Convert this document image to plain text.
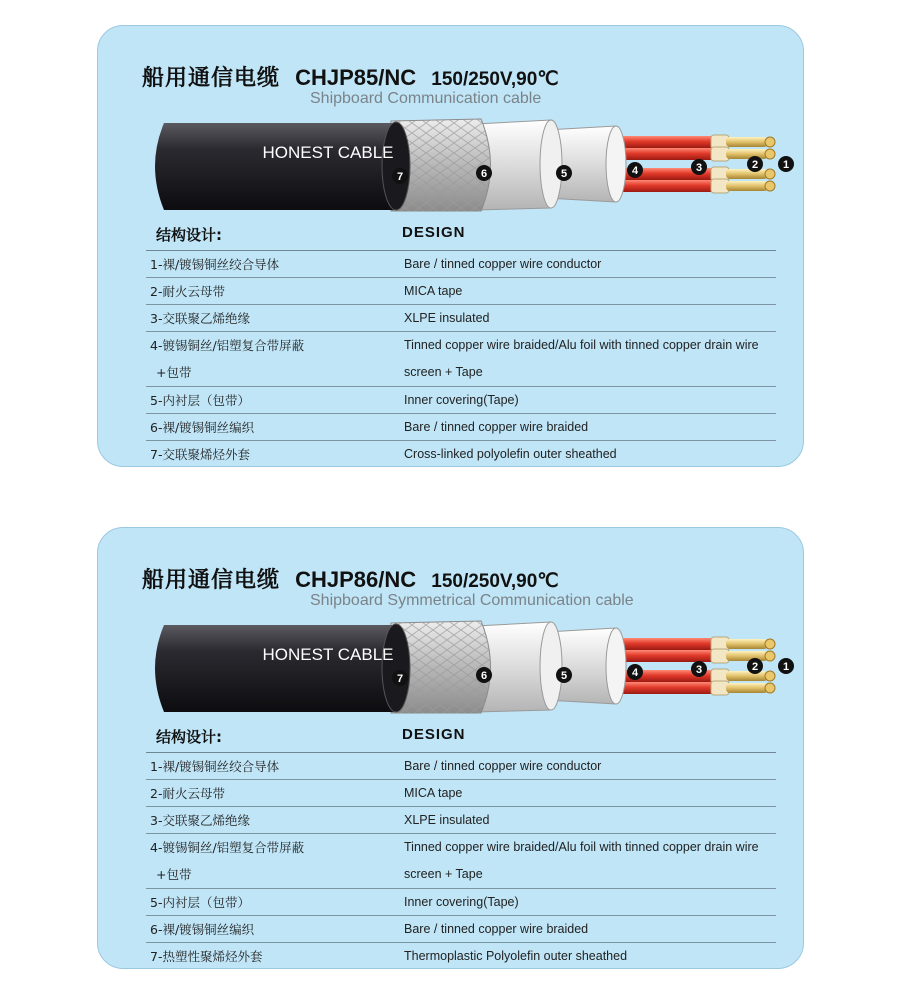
船用通信电缆 CHJP85/NC 150/250V,90℃
Shipboard Communication cable
HONEST CABLE
7	6	5	4	3	2 1
结构设计:	DESIGN
1-裸/镀锡铜丝绞合导体	Bare / tinned copper wire conductor
2-耐火云母带	MICA tape
3-交联聚乙烯绝缘	XLPE insulated
4-镀锡铜丝/铝塑复合带屏蔽	Tinned copper wire braided/Alu foil with tinned copper drain wire
+包带	screen + Tape
5-内衬层（包带）	Inner covering(Tape)
6-裸/镀锡铜丝编织	Bare / tinned copper wire braided
7-交联聚烯烃外套	Cross-linked polyolefin outer sheathed
船用通信电缆 CHJP86/NC 150/250V,90℃
Shipboard Symmetrical Communication cable
HONEST CABLE
7	6	5	4	3	2 1
结构设计:	DESIGN
1-裸/镀锡铜丝绞合导体	Bare / tinned copper wire conductor
2-耐火云母带	MICA tape
3-交联聚乙烯绝缘	XLPE insulated
4-镀锡铜丝/铝塑复合带屏蔽	Tinned copper wire braided/Alu foil with tinned copper drain wire
+包带	screen + Tape
5-内衬层（包带）	Inner covering(Tape)
6-裸/镀锡铜丝编织	Bare / tinned copper wire braided
7-热塑性聚烯烃外套	Thermoplastic Polyolefin outer sheathed
